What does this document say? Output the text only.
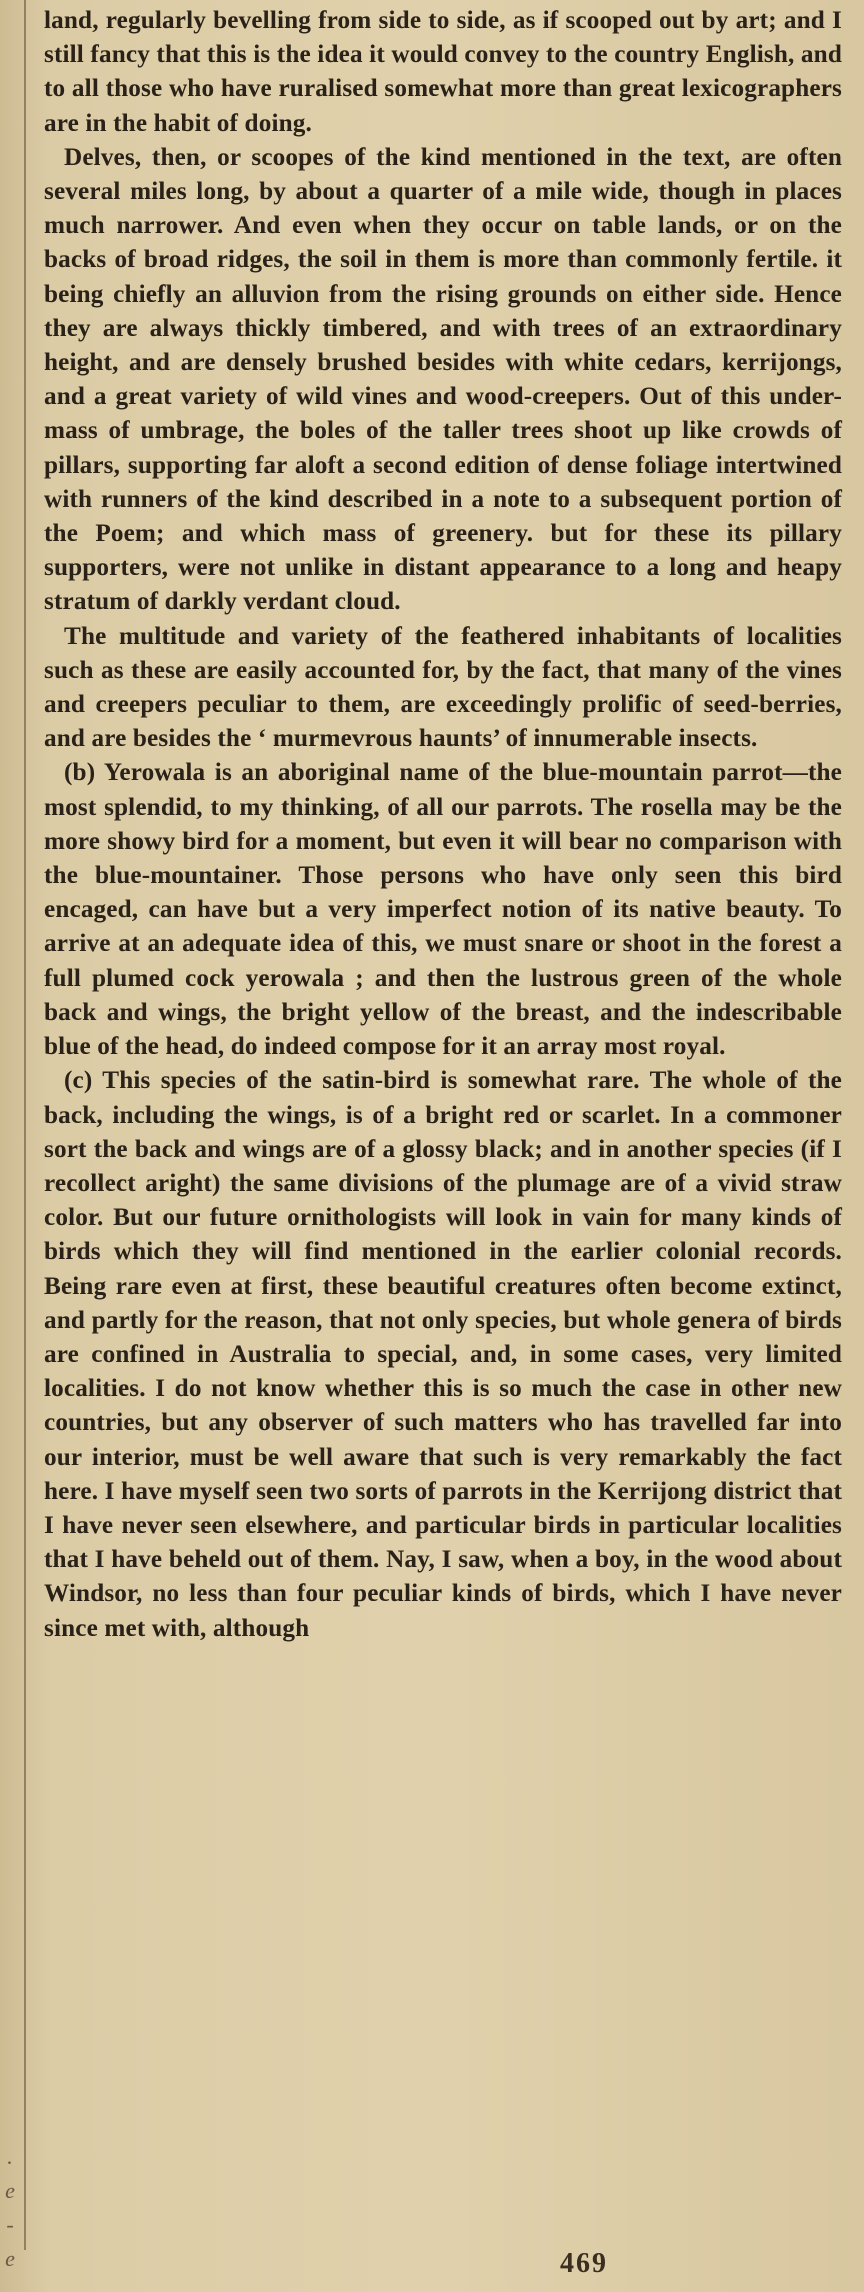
land, regularly bevelling from side to side, as if scooped out by art; and I still fancy that this is the idea it would convey to the country English, and to all those who have ruralised somewhat more than great lexicographers are in the habit of doing.

Delves, then, or scoopes of the kind mentioned in the text, are often several miles long, by about a quarter of a mile wide, though in places much narrower. And even when they occur on table lands, or on the backs of broad ridges, the soil in them is more than commonly fertile. it being chiefly an alluvion from the rising grounds on either side. Hence they are always thickly timbered, and with trees of an extraordinary height, and are densely brushed besides with white cedars, kerrijongs, and a great variety of wild vines and wood-creepers. Out of this under-mass of umbrage, the boles of the taller trees shoot up like crowds of pillars, supporting far aloft a second edition of dense foliage intertwined with runners of the kind described in a note to a subsequent portion of the Poem; and which mass of greenery. but for these its pillary supporters, were not unlike in distant appearance to a long and heapy stratum of darkly verdant cloud.

The multitude and variety of the feathered inhabitants of localities such as these are easily accounted for, by the fact, that many of the vines and creepers peculiar to them, are exceedingly prolific of seed-berries, and are besides the ‘ murmevrous haunts’ of innumerable insects.

(b) Yerowala is an aboriginal name of the blue-mountain parrot—the most splendid, to my thinking, of all our parrots. The rosella may be the more showy bird for a moment, but even it will bear no comparison with the blue-mountainer. Those persons who have only seen this bird encaged, can have but a very imperfect notion of its native beauty. To arrive at an adequate idea of this, we must snare or shoot in the forest a full plumed cock yerowala ; and then the lustrous green of the whole back and wings, the bright yellow of the breast, and the indescribable blue of the head, do indeed compose for it an array most royal.

(c) This species of the satin-bird is somewhat rare. The whole of the back, including the wings, is of a bright red or scarlet. In a commoner sort the back and wings are of a glossy black; and in another species (if I recollect aright) the same divisions of the plumage are of a vivid straw color. But our future ornithologists will look in vain for many kinds of birds which they will find mentioned in the earlier colonial records. Being rare even at first, these beautiful creatures often become extinct, and partly for the reason, that not only species, but whole genera of birds are confined in Australia to special, and, in some cases, very limited localities. I do not know whether this is so much the case in other new countries, but any observer of such matters who has travelled far into our interior, must be well aware that such is very remarkably the fact here. I have myself seen two sorts of parrots in the Kerrijong district that I have never seen elsewhere, and particular birds in particular localities that I have beheld out of them. Nay, I saw, when a boy, in the wood about Windsor, no less than four peculiar kinds of birds, which I have never since met with, although

.
e
-
e	469
